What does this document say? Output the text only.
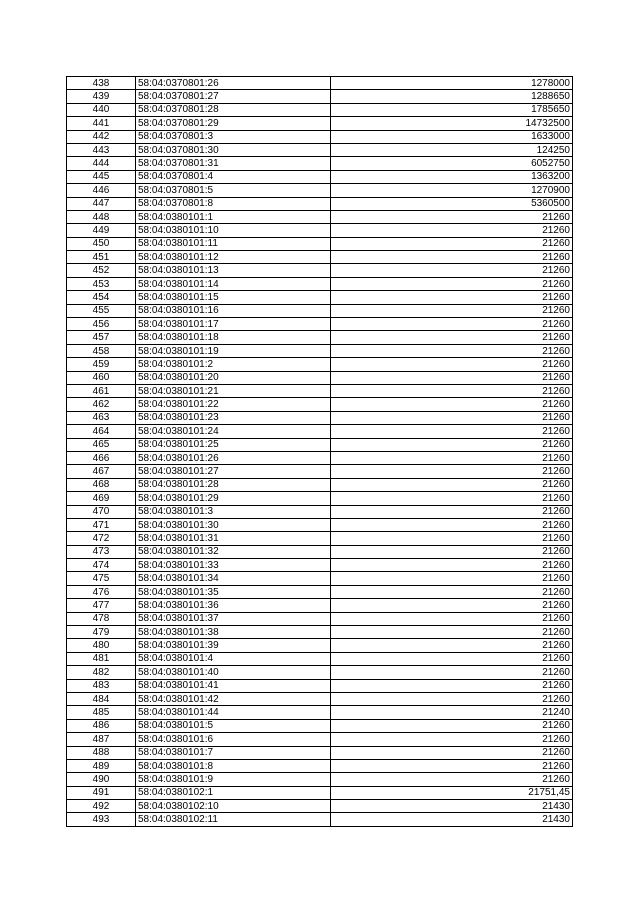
438	58:04:0370801:26	1278000
439	58:04:0370801:27	1288650
440	58:04:0370801:28	1785650
441	58:04:0370801:29	14732500
442	58:04:0370801:3	1633000
443	58:04:0370801:30	124250
444	58:04:0370801:31	6052750
445	58:04:0370801:4	1363200
446	58:04:0370801:5	1270900
447	58:04:0370801:8	5360500
448	58:04:0380101:1	21260
449	58:04:0380101:10	21260
450	58:04:0380101:11	21260
451	58:04:0380101:12	21260
452	58:04:0380101:13	21260
453	58:04:0380101:14	21260
454	58:04:0380101:15	21260
455	58:04:0380101:16	21260
456	58:04:0380101:17	21260
457	58:04:0380101:18	21260
458	58:04:0380101:19	21260
459	58:04:0380101:2	21260
460	58:04:0380101:20	21260
461	58:04:0380101:21	21260
462	58:04:0380101:22	21260
463	58:04:0380101:23	21260
464	58:04:0380101:24	21260
465	58:04:0380101:25	21260
466	58:04:0380101:26	21260
467	58:04:0380101:27	21260
468	58:04:0380101:28	21260
469	58:04:0380101:29	21260
470	58:04:0380101:3	21260
471	58:04:0380101:30	21260
472	58:04:0380101:31	21260
473	58:04:0380101:32	21260
474	58:04:0380101:33	21260
475	58:04:0380101:34	21260
476	58:04:0380101:35	21260
477	58:04:0380101:36	21260
478	58:04:0380101:37	21260
479	58:04:0380101:38	21260
480	58:04:0380101:39	21260
481	58:04:0380101:4	21260
482	58:04:0380101:40	21260
483	58:04:0380101:41	21260
484	58:04:0380101:42	21260
485	58:04:0380101:44	21240
486	58:04:0380101:5	21260
487	58:04:0380101:6	21260
488	58:04:0380101:7	21260
489	58:04:0380101:8	21260
490	58:04:0380101:9	21260
491	58:04:0380102:1	21751,45
492	58:04:0380102:10	21430
493	58:04:0380102:11	21430
